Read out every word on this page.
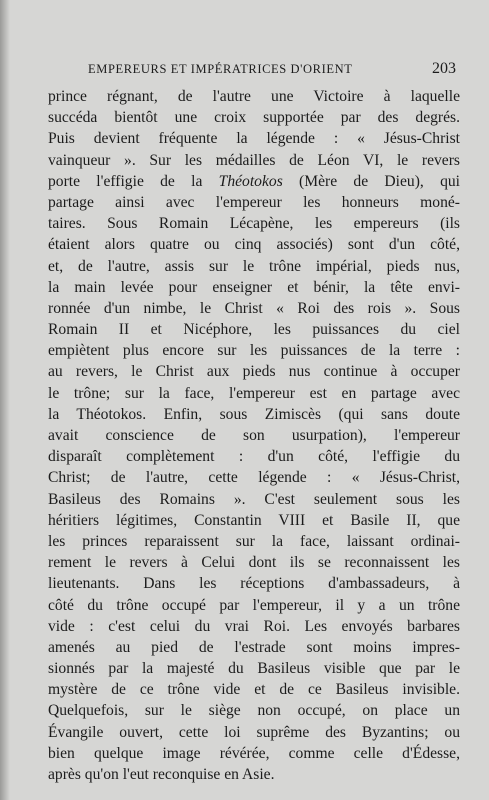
EMPEREURS ET IMPÉRATRICES D'ORIENT	203
prince régnant, de l'autre une Victoire à laquelle
succéda bientôt une croix supportée par des degrés.
Puis devient fréquente la légende : « Jésus-Christ
vainqueur ». Sur les médailles de Léon VI, le revers
porte l'effigie de la Théotokos (Mère de Dieu), qui
partage ainsi avec l'empereur les honneurs moné-
taires. Sous Romain Lécapène, les empereurs (ils
étaient alors quatre ou cinq associés) sont d'un côté,
et, de l'autre, assis sur le trône impérial, pieds nus,
la main levée pour enseigner et bénir, la tête envi-
ronnée d'un nimbe, le Christ « Roi des rois ». Sous
Romain II et Nicéphore, les puissances du ciel
empiètent plus encore sur les puissances de la terre :
au revers, le Christ aux pieds nus continue à occuper
le trône; sur la face, l'empereur est en partage avec
la Théotokos. Enfin, sous Zimiscès (qui sans doute
avait conscience de son usurpation), l'empereur
disparaît complètement : d'un côté, l'effigie du
Christ; de l'autre, cette légende : « Jésus-Christ,
Basileus des Romains ». C'est seulement sous les
héritiers légitimes, Constantin VIII et Basile II, que
les princes reparaissent sur la face, laissant ordinai-
rement le revers à Celui dont ils se reconnaissent les
lieutenants. Dans les réceptions d'ambassadeurs, à
côté du trône occupé par l'empereur, il y a un trône
vide : c'est celui du vrai Roi. Les envoyés barbares
amenés au pied de l'estrade sont moins impres-
sionnés par la majesté du Basileus visible que par le
mystère de ce trône vide et de ce Basileus invisible.
Quelquefois, sur le siège non occupé, on place un
Évangile ouvert, cette loi suprême des Byzantins; ou
bien quelque image révérée, comme celle d'Édesse,
après qu'on l'eut reconquise en Asie.
